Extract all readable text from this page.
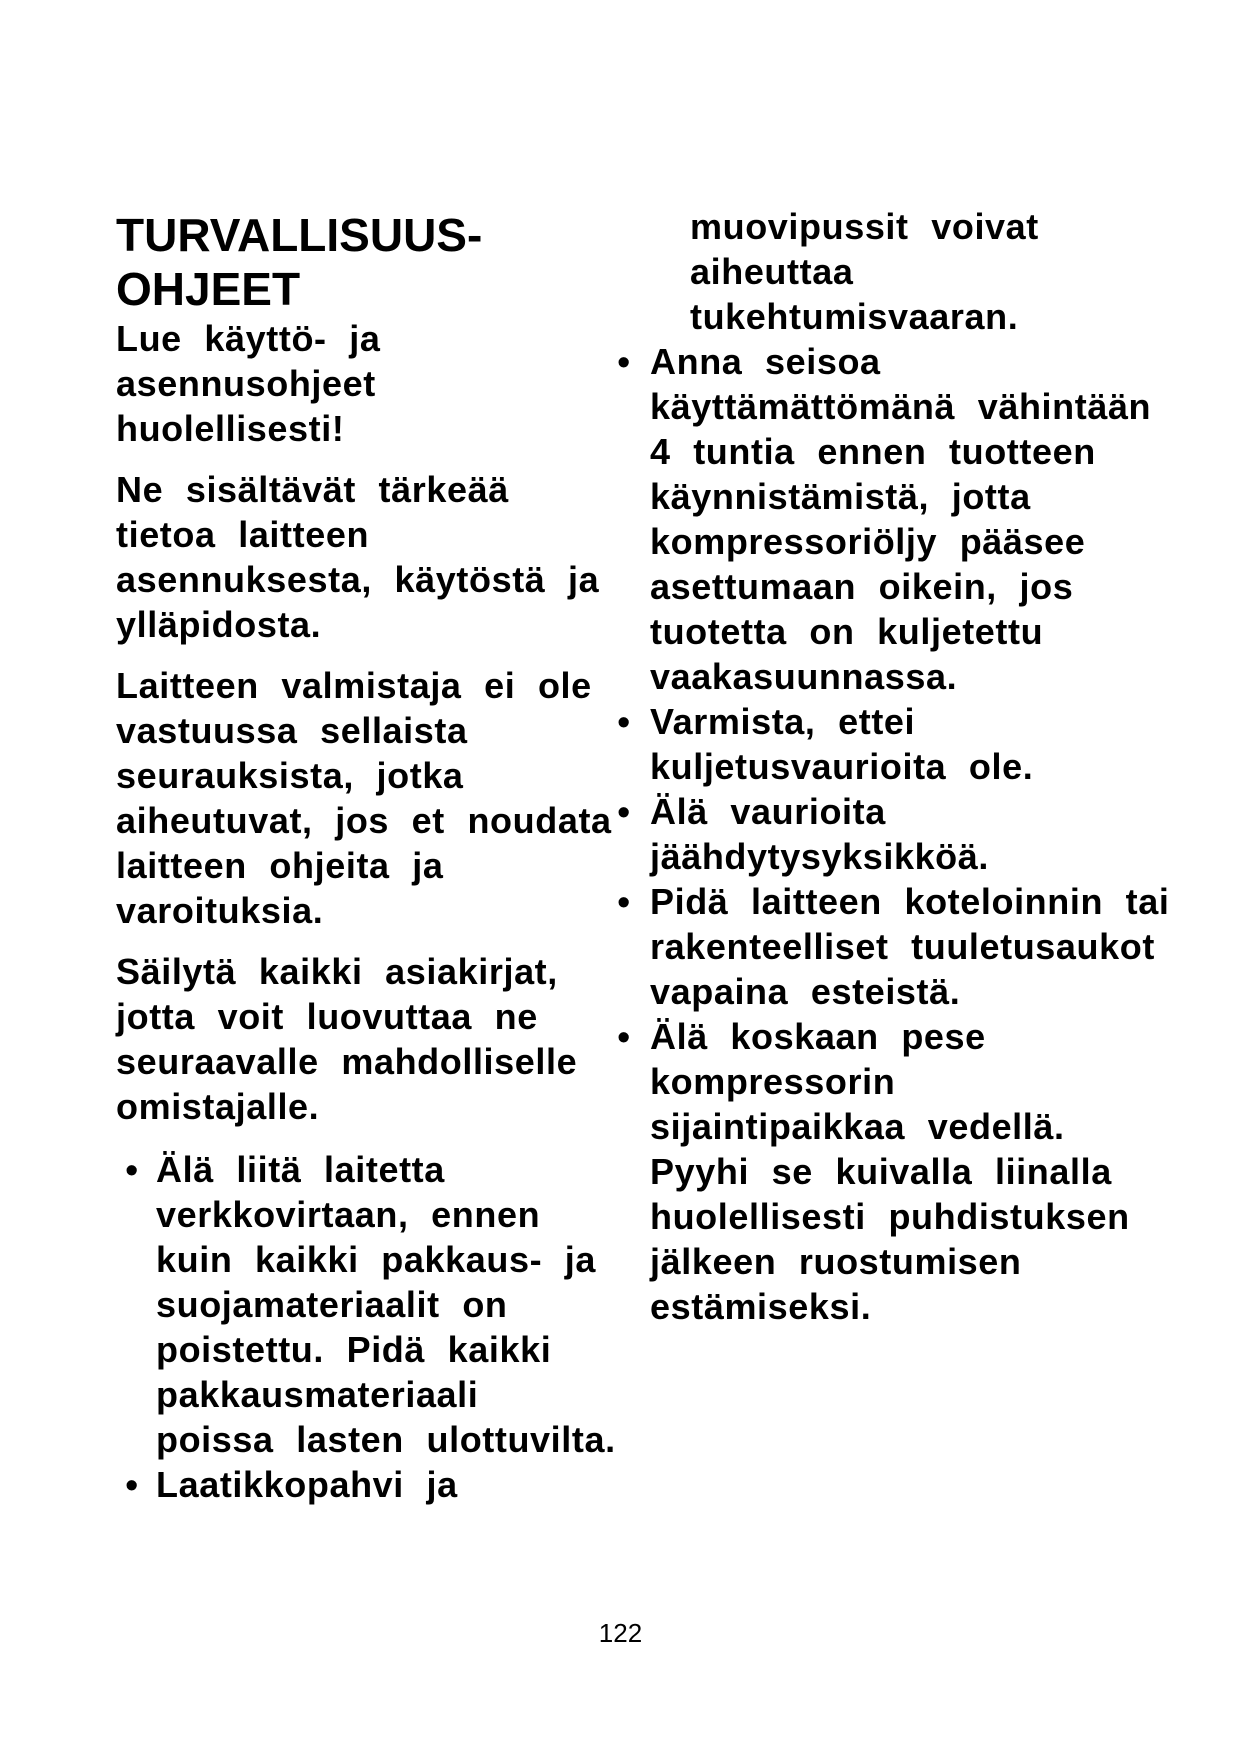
TURVALLISUUS-
OHJEET

Lue käyttö- ja asennusohjeet huolellisesti!

Ne sisältävät tärkeää tietoa laitteen asennuksesta, käytöstä ja ylläpidosta.

Laitteen valmistaja ei ole vastuussa sellaista seurauksista, jotka aiheutuvat, jos et noudata laitteen ohjeita ja varoituksia.

Säilytä kaikki asiakirjat, jotta voit luovuttaa ne seuraavalle mahdolliselle omistajalle.

• Älä liitä laitetta verkkovirtaan, ennen kuin kaikki pakkaus- ja suojamateriaalit on poistettu. Pidä kaikki pakkausmateriaali poissa lasten ulottuvilta.
• Laatikkopahvi ja
muovipussit voivat aiheuttaa tukehtumisvaaran.
• Anna seisoa käyttämättömänä vähintään 4 tuntia ennen tuotteen käynnistämistä, jotta kompressoriöljy pääsee asettumaan oikein, jos tuotetta on kuljetettu vaakasuunnassa.
• Varmista, ettei kuljetusvaurioita ole.
• Älä vaurioita jäähdytysyksikköä.
• Pidä laitteen koteloinnin tai rakenteelliset tuuletusaukot vapaina esteistä.
• Älä koskaan pese kompressorin sijaintipaikkaa vedellä. Pyyhi se kuivalla liinalla huolellisesti puhdistuksen jälkeen ruostumisen estämiseksi.
122
